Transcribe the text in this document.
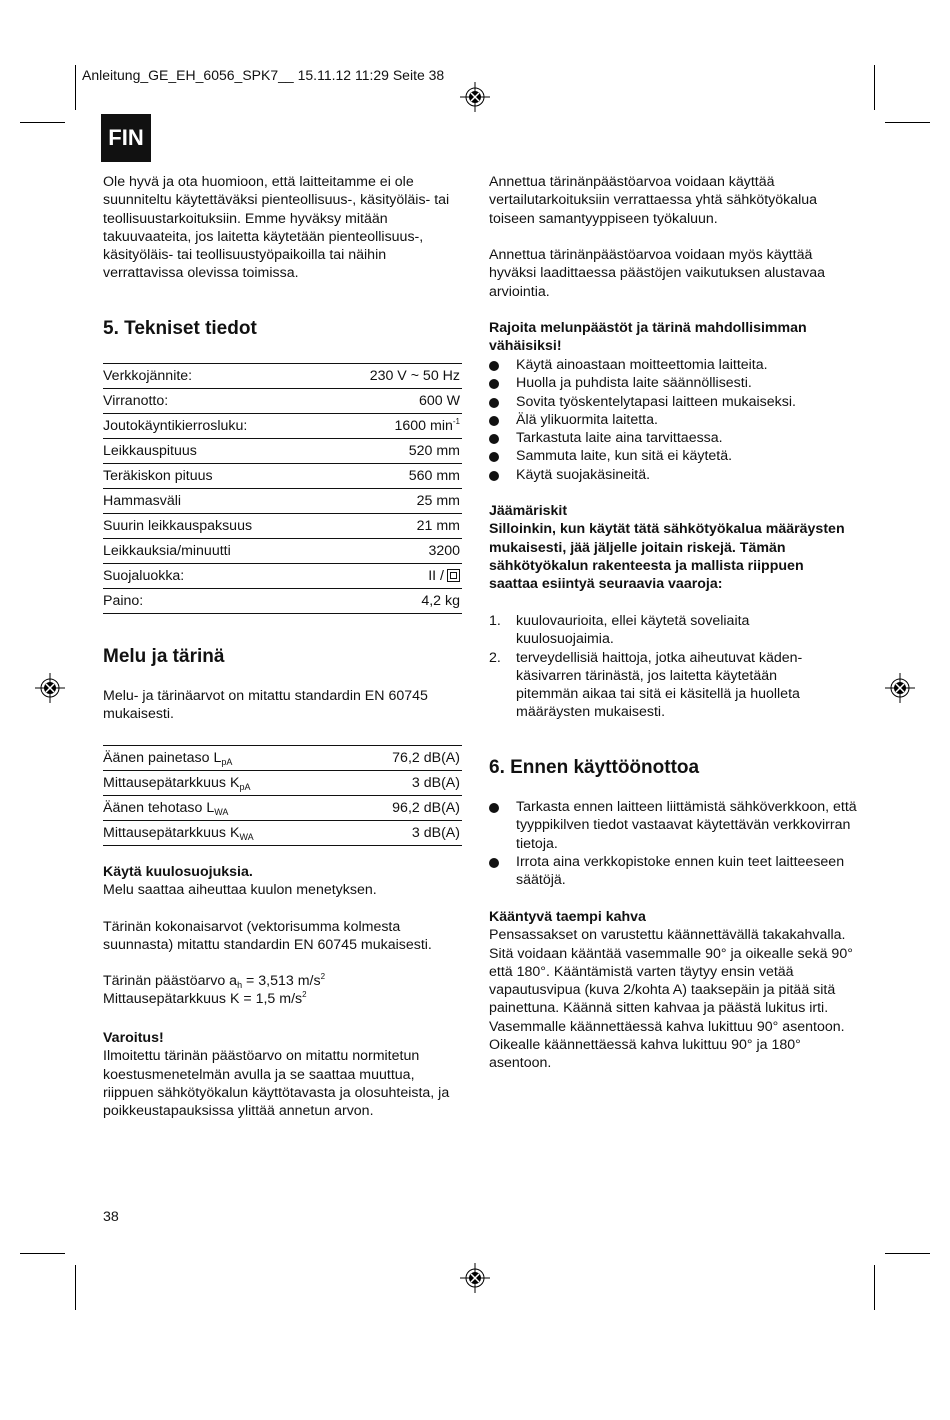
Anleitung_GE_EH_6056_SPK7__ 15.11.12 11:29 Seite 38
FIN
Ole hyvä ja ota huomioon, että laitteitamme ei ole suunniteltu käytettäväksi pienteollisuus-, käsityöläis- tai teollisuustarkoituksiin. Emme hyväksy mitään takuuvaateita, jos laitetta käytetään pienteollisuus-, käsityöläis- tai teollisuustyöpaikoilla tai näihin verrattavissa olevissa toimissa.
5. Tekniset tiedot
Verkkojännite:	230 V ~ 50 Hz
Virranotto:	600 W
Joutokäyntikierrosluku:	1600 $\min^{-1}$
Leikkauspituus	520 mm
Teräkiskon pituus	560 mm
Hammasväli	25 mm
Suurin leikkauspaksuus	21 mm
Leikkauksia/minuutti	3200
Suojaluokka:	II /
Paino:	4,2 kg
Melu ja tärinä
Melu- ja tärinäarvot on mitattu standardin EN 60745 mukaisesti.
Äänen painetaso $L_{pA}$	76,2 dB(A)
Mittausepätarkkuus $K_{pA}$	3 dB(A)
Äänen tehotaso $L_{WA}$	96,2 dB(A)
Mittausepätarkkuus $K_{WA}$	3 dB(A)

Käytä kuulosuojuksia.

Melu saattaa aiheuttaa kuulon menetyksen.

Tärinän kokonaisarvot (vektorisumma kolmesta suunnasta) mitattu standardin EN 60745 mukaisesti.

Tärinän päästöarvo $a_h = 3,513$ $m/s^2$

Mittausepätarkkuus K = 1,5 $m/s^2$

Varoitus!

Ilmoitettu tärinän päästöarvo on mitattu normitetun koestusmenetelmän avulla ja se saattaa muuttua, riippuen sähkötyökalun käyttötavasta ja olosuhteista, ja poikkeustapauksissa ylittää annetun arvon.

38
Annettua tärinänpäästöarvoa voidaan käyttää vertailutarkoituksiin verrattaessa yhtä sähkötyökalua toiseen samantyyppiseen työkaluun.
Annettua tärinänpäästöarvoa voidaan myös käyttää hyväksi laadittaessa päästöjen vaikutuksen alustavaa arviointia.
Rajoita melunpäästöt ja tärinä mahdollisimman vähäisiksi!
Käytä ainoastaan moitteettomia laitteita.
Huolla ja puhdista laite säännöllisesti.
Sovita työskentelytapasi laitteen mukaiseksi.
Älä ylikuormita laitetta.
Tarkastuta laite aina tarvittaessa.
Sammuta laite, kun sitä ei käytetä.
Käytä suojakäsineitä.

Jäämäriskit

Silloinkin, kun käytät tätä sähkötyökalua määräysten mukaisesti, jää jäljelle joitain riskejä. Tämän sähkötyökalun rakenteesta ja mallista riippuen saattaa esiintyä seuraavia vaaroja:

1. kuulovaurioita, ellei käytetä soveliaita kuulosuojaimia.
2. terveydellisiä haittoja, jotka aiheutuvat käden-käsivarren tärinästä, jos laitetta käytetään pitemmän aikaa tai sitä ei käsitellä ja huolleta määräysten mukaisesti.
6. Ennen käyttöönottoa
Tarkasta ennen laitteen liittämistä sähköverkkoon, että tyyppikilven tiedot vastaavat käytettävän verkkovirran tietoja.
Irrota aina verkkopistoke ennen kuin teet laitteeseen säätöjä.

Kääntyvä taempi kahva

Pensassakset on varustettu käännettävällä takakahvalla. Sitä voidaan kääntää vasemmalle 90° ja oikealle sekä 90° että 180°. Kääntämistä varten täytyy ensin vetää vapautusvipua (kuva 2/kohta A) taaksepäin ja pitää sitä painettuna. Käännä sitten kahvaa ja päästä lukitus irti. Vasemmalle käännettäessä kahva lukittuu 90° asentoon. Oikealle käännettäessä kahva lukittuu 90° ja 180° asentoon.
